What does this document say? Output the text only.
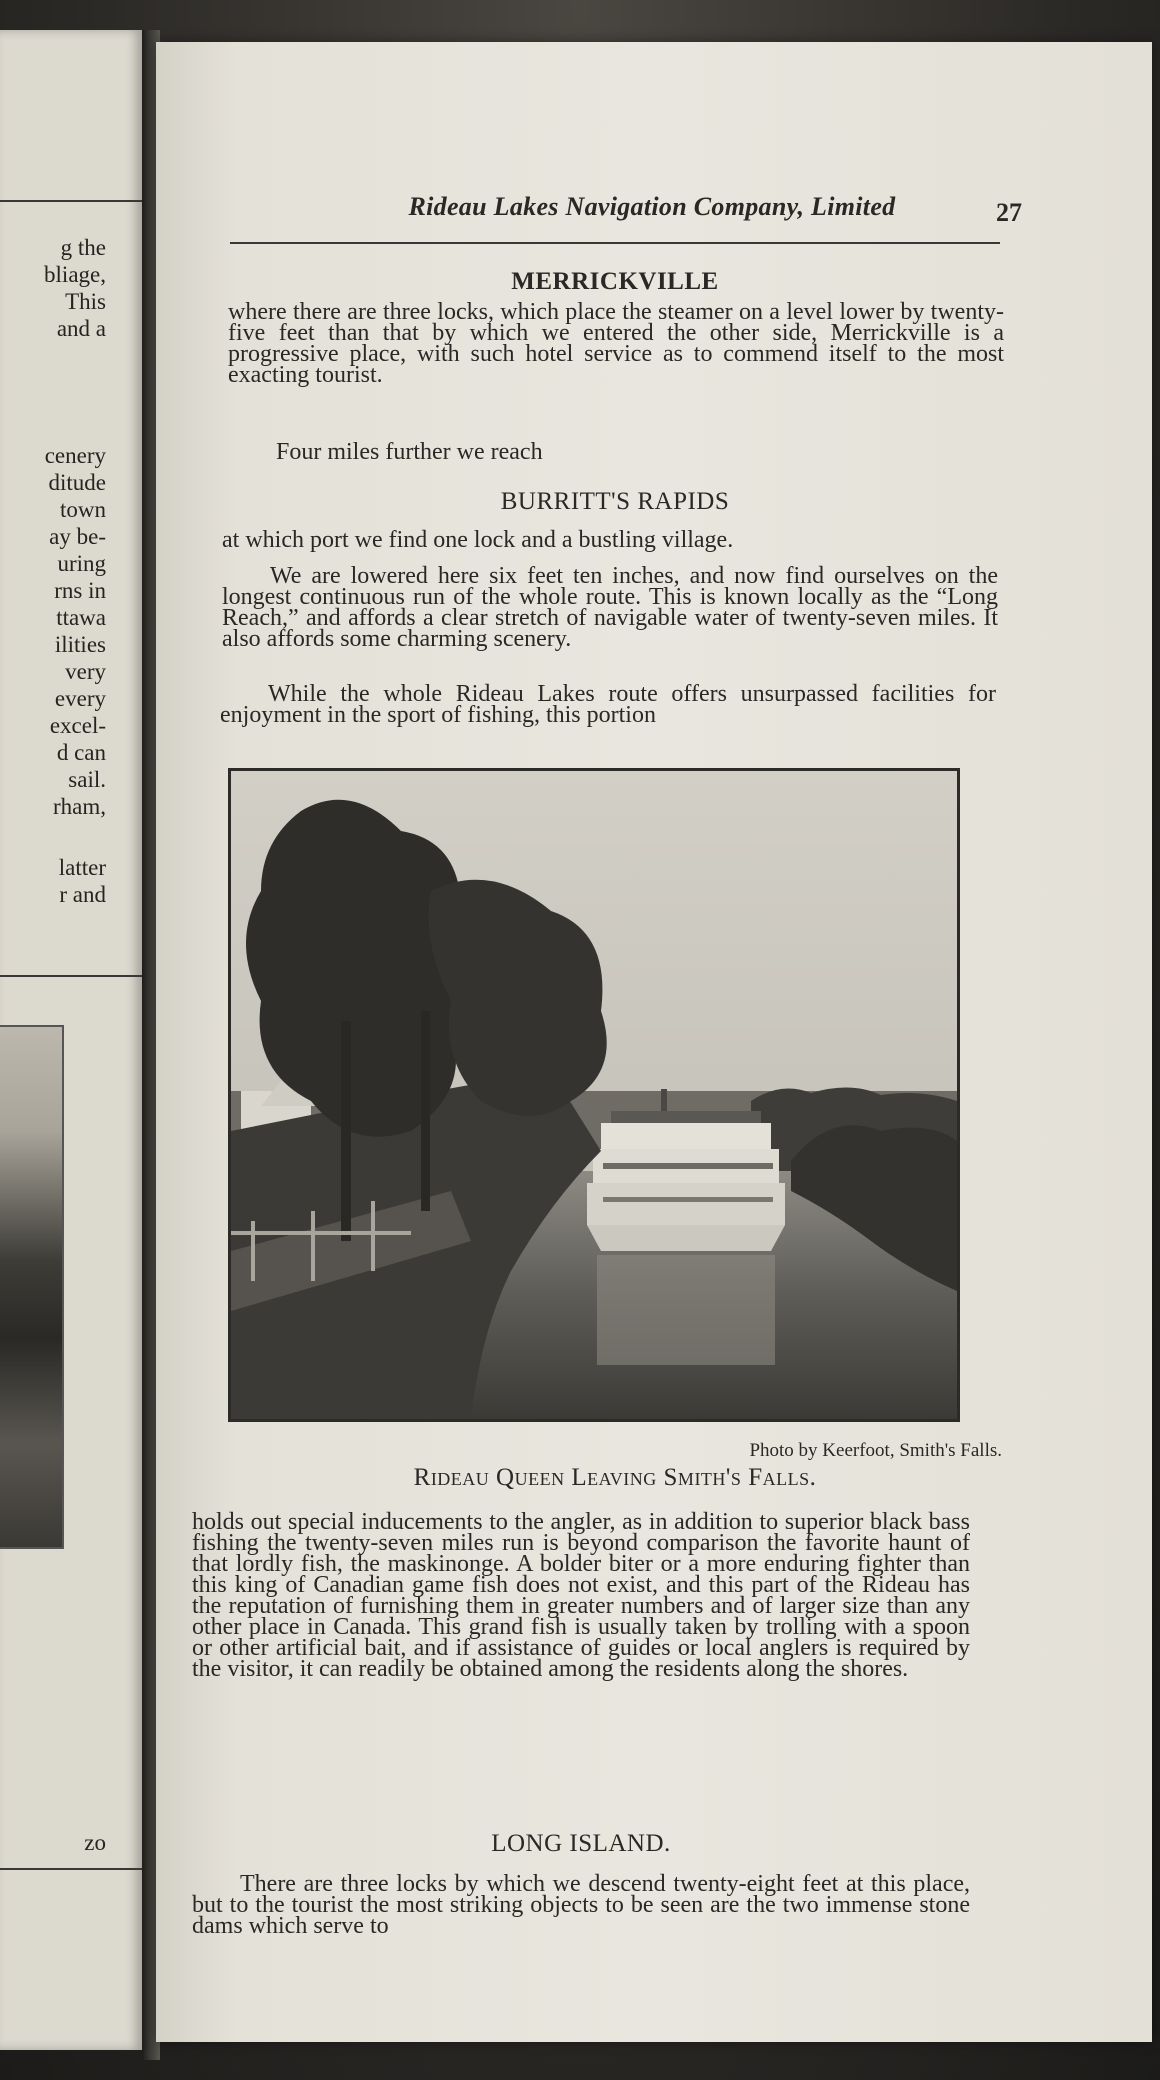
g the
bliage,
This
and a
cenery
ditude
town
ay be-
uring
rns in
ttawa
ilities
very
every
excel-
d can
sail.
rham,
latter
r and
zo
Rideau Lakes Navigation Company, Limited	27
MERRICKVILLE
where there are three locks, which place the steamer on a level lower by twenty-five feet than that by which we entered the other side, Merrickville is a progressive place, with such hotel service as to commend itself to the most exacting tourist.
Four miles further we reach
BURRITT'S RAPIDS
at which port we find one lock and a bustling village.
We are lowered here six feet ten inches, and now find ourselves on the longest continuous run of the whole route. This is known locally as the “Long Reach,” and affords a clear stretch of navigable water of twenty-seven miles. It also affords some charming scenery.
While the whole Rideau Lakes route offers unsurpassed facilities for enjoyment in the sport of fishing, this portion
Photo by Keerfoot, Smith's Falls.
Rideau Queen Leaving Smith's Falls.
holds out special inducements to the angler, as in addition to superior black bass fishing the twenty-seven miles run is beyond comparison the favorite haunt of that lordly fish, the maskinonge. A bolder biter or a more enduring fighter than this king of Canadian game fish does not exist, and this part of the Rideau has the reputation of furnishing them in greater numbers and of larger size than any other place in Canada. This grand fish is usually taken by trolling with a spoon or other artificial bait, and if assistance of guides or local anglers is required by the visitor, it can readily be obtained among the residents along the shores.
LONG ISLAND.
There are three locks by which we descend twenty-eight feet at this place, but to the tourist the most striking objects to be seen are the two immense stone dams which serve to
